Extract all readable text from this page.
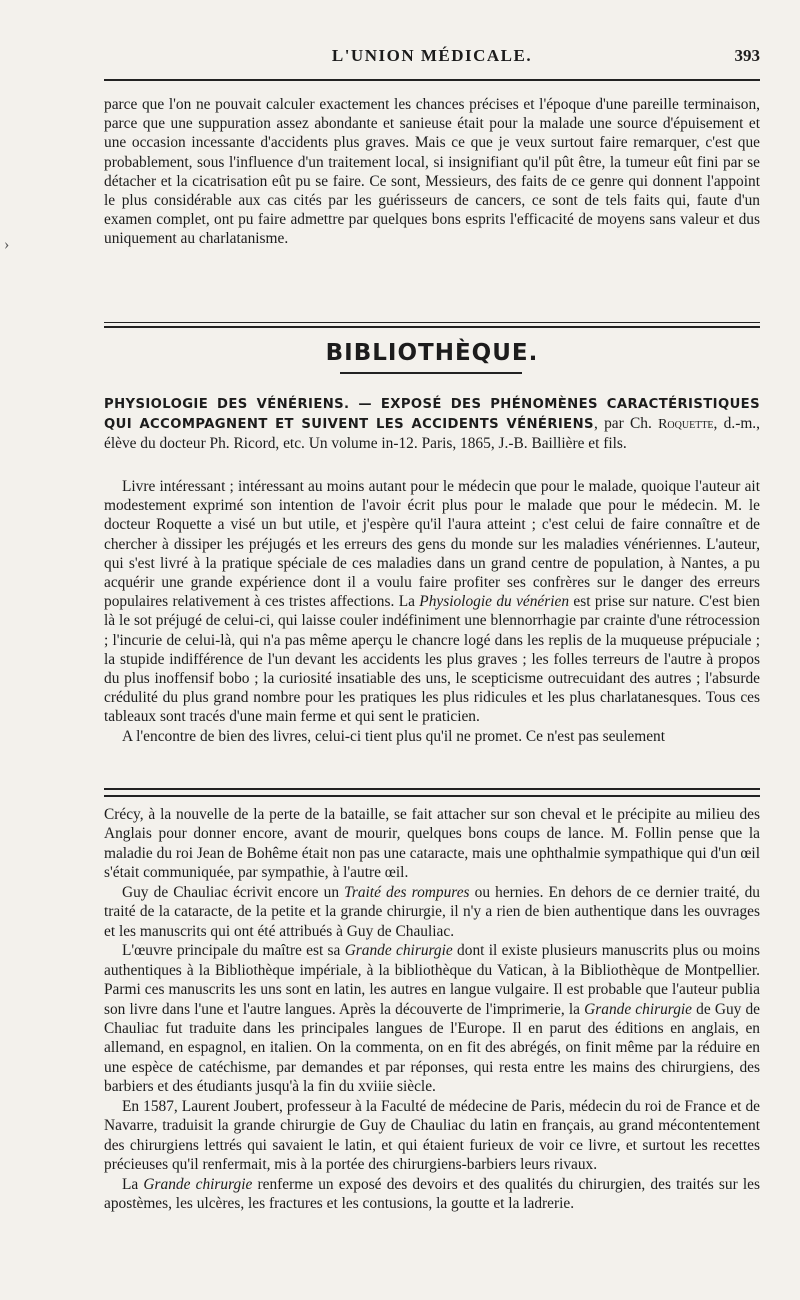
L'UNION MÉDICALE.	393
›

parce que l'on ne pouvait calculer exactement les chances précises et l'époque d'une pareille terminaison, parce que une suppuration assez abondante et sanieuse était pour la malade une source d'épuisement et une occasion incessante d'accidents plus graves. Mais ce que je veux surtout faire remarquer, c'est que probablement, sous l'influence d'un traitement local, si insignifiant qu'il pût être, la tumeur eût fini par se détacher et la cicatrisation eût pu se faire. Ce sont, Messieurs, des faits de ce genre qui donnent l'appoint le plus considérable aux cas cités par les guérisseurs de cancers, ce sont de tels faits qui, faute d'un examen complet, ont pu faire admettre par quelques bons esprits l'efficacité de moyens sans valeur et dus uniquement au charlatanisme.

BIBLIOTHÈQUE.

PHYSIOLOGIE DES VÉNÉRIENS. — EXPOSÉ DES PHÉNOMÈNES CARACTÉRISTIQUES QUI ACCOMPAGNENT ET SUIVENT LES ACCIDENTS VÉNÉRIENS, par Ch. Roquette, d.-m., élève du docteur Ph. Ricord, etc. Un volume in-12. Paris, 1865, J.-B. Baillière et fils.

Livre intéressant ; intéressant au moins autant pour le médecin que pour le malade, quoique l'auteur ait modestement exprimé son intention de l'avoir écrit plus pour le malade que pour le médecin. M. le docteur Roquette a visé un but utile, et j'espère qu'il l'aura atteint ; c'est celui de faire connaître et de chercher à dissiper les préjugés et les erreurs des gens du monde sur les maladies vénériennes. L'auteur, qui s'est livré à la pratique spéciale de ces maladies dans un grand centre de population, à Nantes, a pu acquérir une grande expérience dont il a voulu faire profiter ses confrères sur le danger des erreurs populaires relativement à ces tristes affections. La Physiologie du vénérien est prise sur nature. C'est bien là le sot préjugé de celui-ci, qui laisse couler indéfiniment une blennorrhagie par crainte d'une rétrocession ; l'incurie de celui-là, qui n'a pas même aperçu le chancre logé dans les replis de la muqueuse prépuciale ; la stupide indifférence de l'un devant les accidents les plus graves ; les folles terreurs de l'autre à propos du plus inoffensif bobo ; la curiosité insatiable des uns, le scepticisme outrecuidant des autres ; l'absurde crédulité du plus grand nombre pour les pratiques les plus ridicules et les plus charlatanesques. Tous ces tableaux sont tracés d'une main ferme et qui sent le praticien.

A l'encontre de bien des livres, celui-ci tient plus qu'il ne promet. Ce n'est pas seulement

Crécy, à la nouvelle de la perte de la bataille, se fait attacher sur son cheval et le précipite au milieu des Anglais pour donner encore, avant de mourir, quelques bons coups de lance. M. Follin pense que la maladie du roi Jean de Bohême était non pas une cataracte, mais une ophthalmie sympathique qui d'un œil s'était communiquée, par sympathie, à l'autre œil.

Guy de Chauliac écrivit encore un Traité des rompures ou hernies. En dehors de ce dernier traité, du traité de la cataracte, de la petite et la grande chirurgie, il n'y a rien de bien authentique dans les ouvrages et les manuscrits qui ont été attribués à Guy de Chauliac.

L'œuvre principale du maître est sa Grande chirurgie dont il existe plusieurs manuscrits plus ou moins authentiques à la Bibliothèque impériale, à la bibliothèque du Vatican, à la Bibliothèque de Montpellier. Parmi ces manuscrits les uns sont en latin, les autres en langue vulgaire. Il est probable que l'auteur publia son livre dans l'une et l'autre langues. Après la découverte de l'imprimerie, la Grande chirurgie de Guy de Chauliac fut traduite dans les principales langues de l'Europe. Il en parut des éditions en anglais, en allemand, en espagnol, en italien. On la commenta, on en fit des abrégés, on finit même par la réduire en une espèce de catéchisme, par demandes et par réponses, qui resta entre les mains des chirurgiens, des barbiers et des étudiants jusqu'à la fin du xviiie siècle.

En 1587, Laurent Joubert, professeur à la Faculté de médecine de Paris, médecin du roi de France et de Navarre, traduisit la grande chirurgie de Guy de Chauliac du latin en français, au grand mécontentement des chirurgiens lettrés qui savaient le latin, et qui étaient furieux de voir ce livre, et surtout les recettes précieuses qu'il renfermait, mis à la portée des chirurgiens-barbiers leurs rivaux.

La Grande chirurgie renferme un exposé des devoirs et des qualités du chirurgien, des traités sur les apostèmes, les ulcères, les fractures et les contusions, la goutte et la ladrerie.
